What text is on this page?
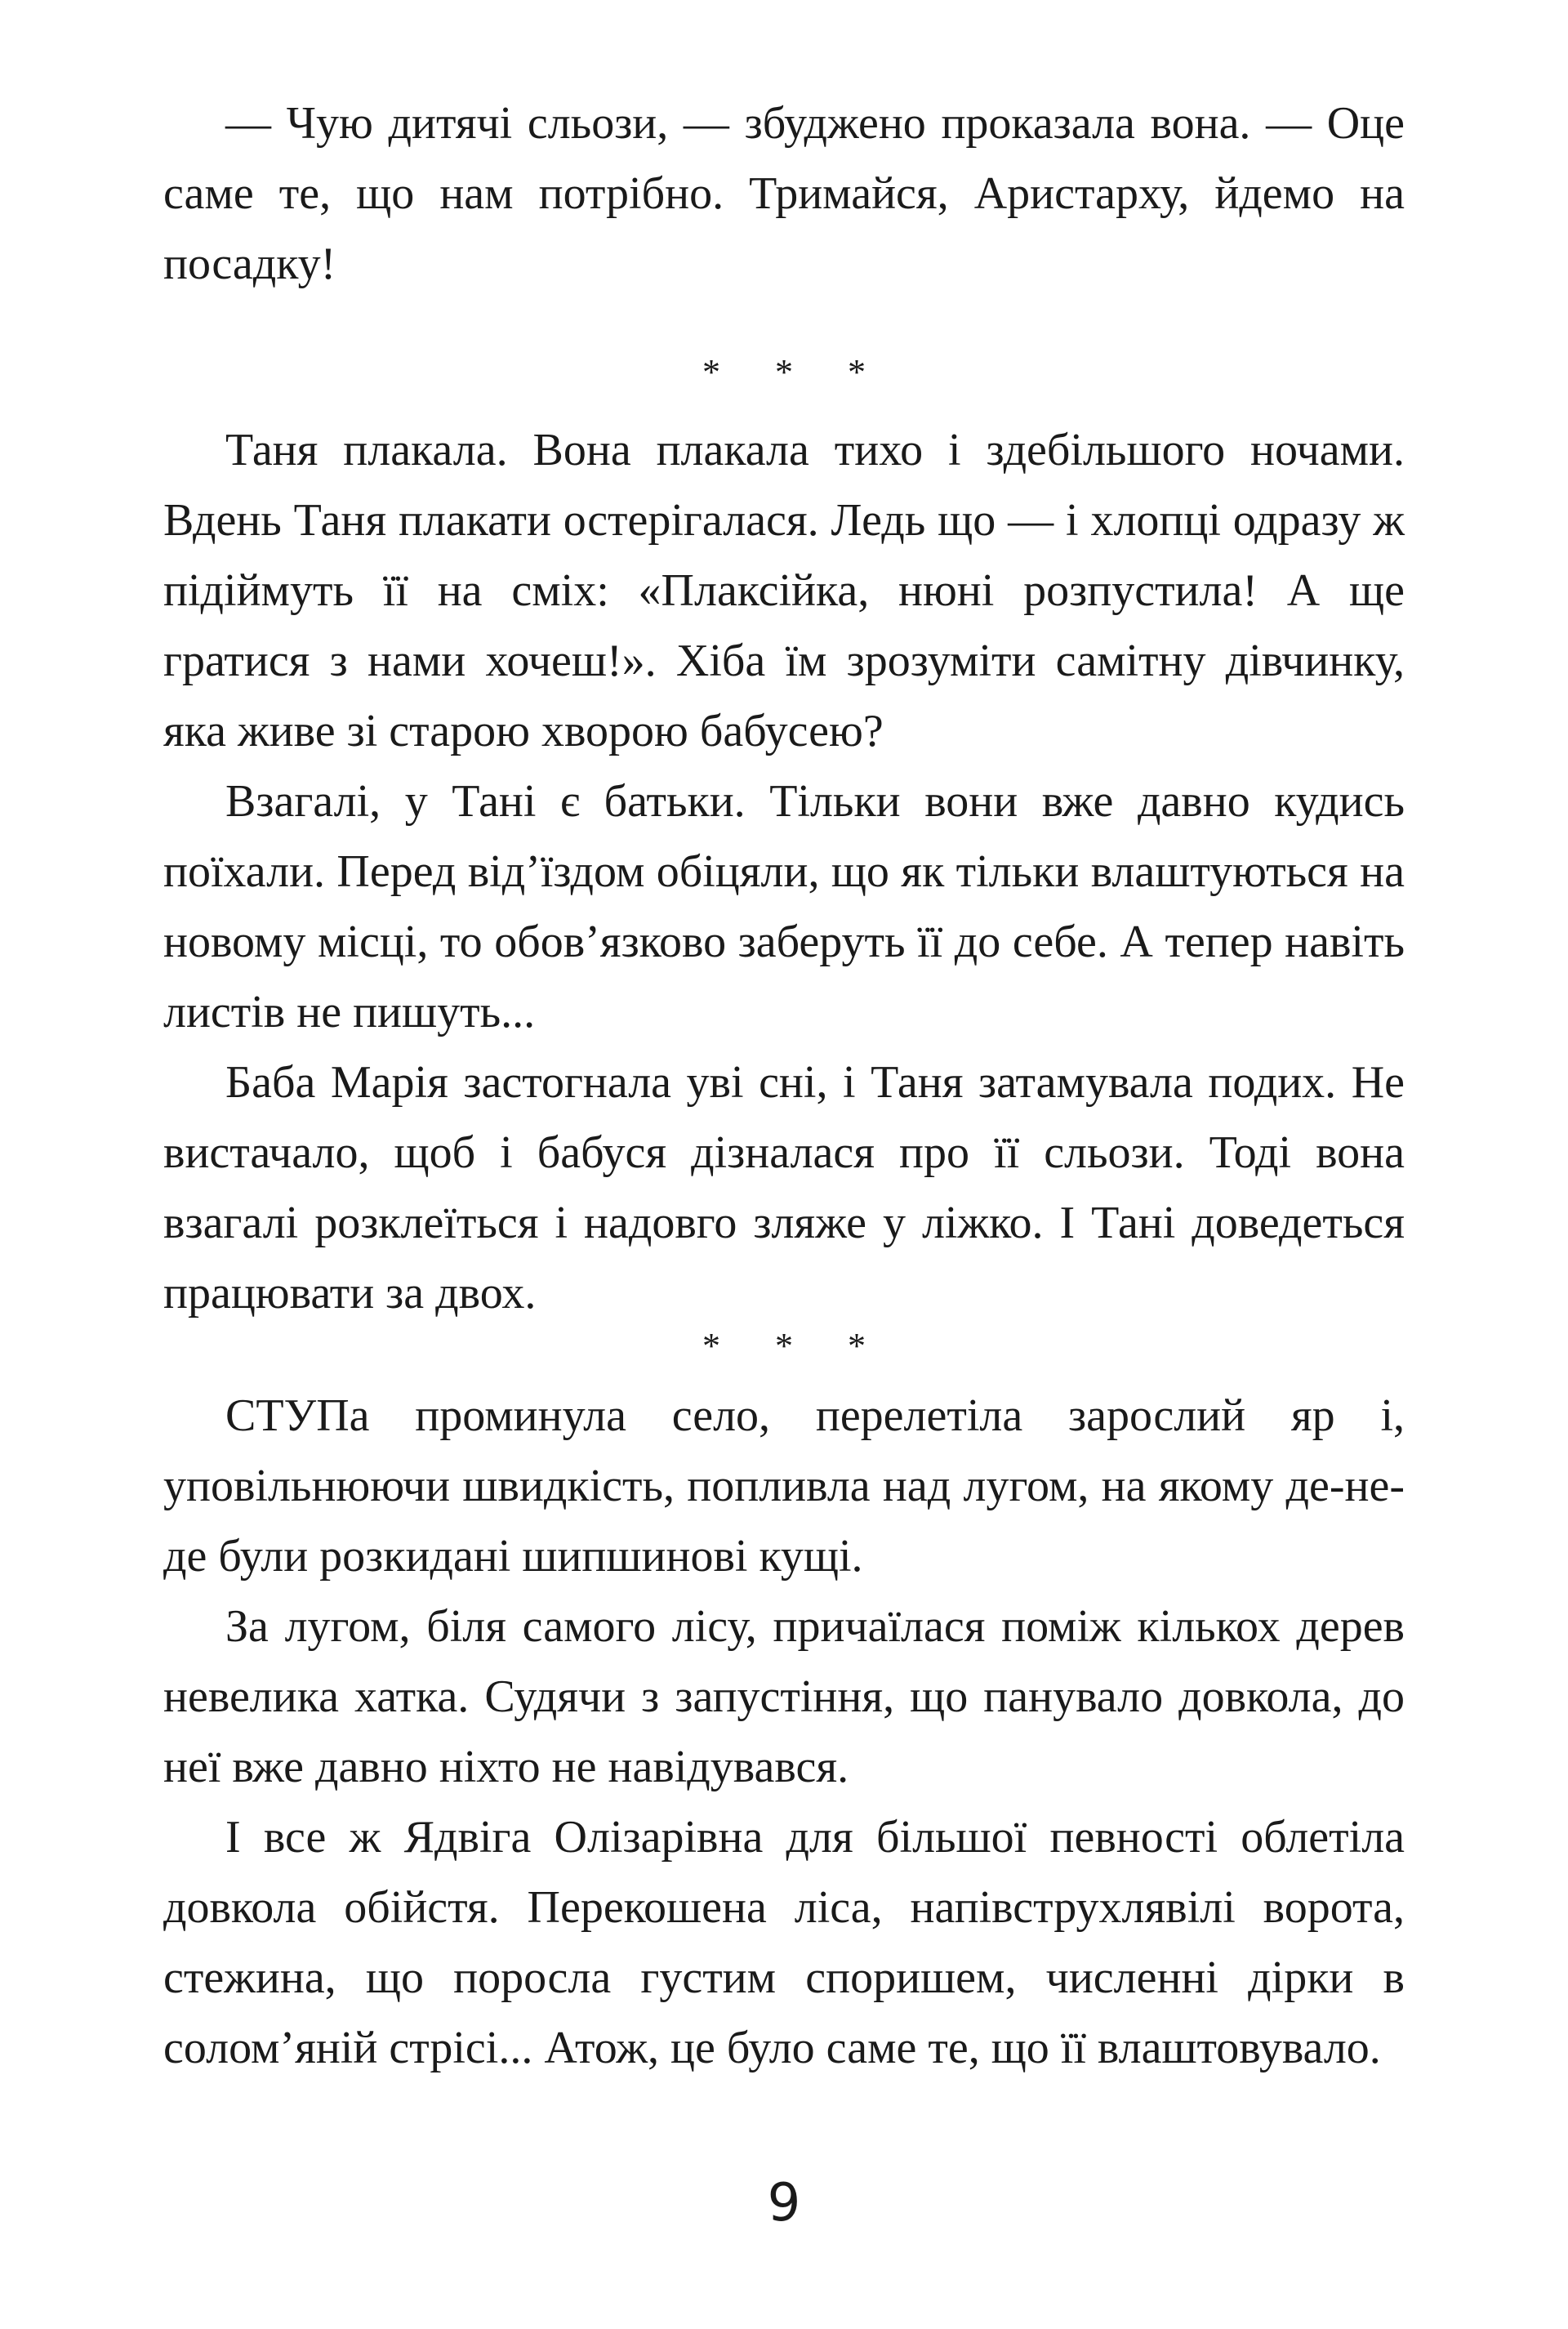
— Чую дитячі сльози, — збуджено проказала вона. — Оце саме те, що нам потрібно. Тримайся, Аристарху, йдемо на посадку!

* * *

Таня плакала. Вона плакала тихо і здебільшого ночами. Вдень Таня плакати остерігалася. Ледь що — і хлопці одразу ж підіймуть її на сміх: «Плаксійка, нюні розпустила! А ще гратися з нами хочеш!». Хіба їм зрозуміти самітну дівчинку, яка живе зі старою хворою бабусею?

Взагалі, у Тані є батьки. Тільки вони вже давно кудись поїхали. Перед від’їздом обіцяли, що як тільки влаштуються на новому місці, то обов’язково заберуть її до себе. А тепер навіть листів не пишуть...

Баба Марія застогнала уві сні, і Таня затамувала подих. Не вистачало, щоб і бабуся дізналася про її сльози. Тоді вона взагалі розклеїться і надовго зляже у ліжко. І Тані доведеться працювати за двох.

* * *

СТУПа проминула село, перелетіла зарослий яр і, уповільнюючи швидкість, попливла над лугом, на якому де-не-де були розкидані шипшинові кущі.

За лугом, біля самого лісу, причаїлася поміж кількох дерев невелика хатка. Судячи з запустіння, що панувало довкола, до неї вже давно ніхто не навідувався.

І все ж Ядвіга Олізарівна для більшої певності облетіла довкола обійстя. Перекошена ліса, напівструхлявілі ворота, стежина, що поросла густим споришем, численні дірки в солом’яній стрісі... Атож, це було саме те, що її влаштовувало.

9
